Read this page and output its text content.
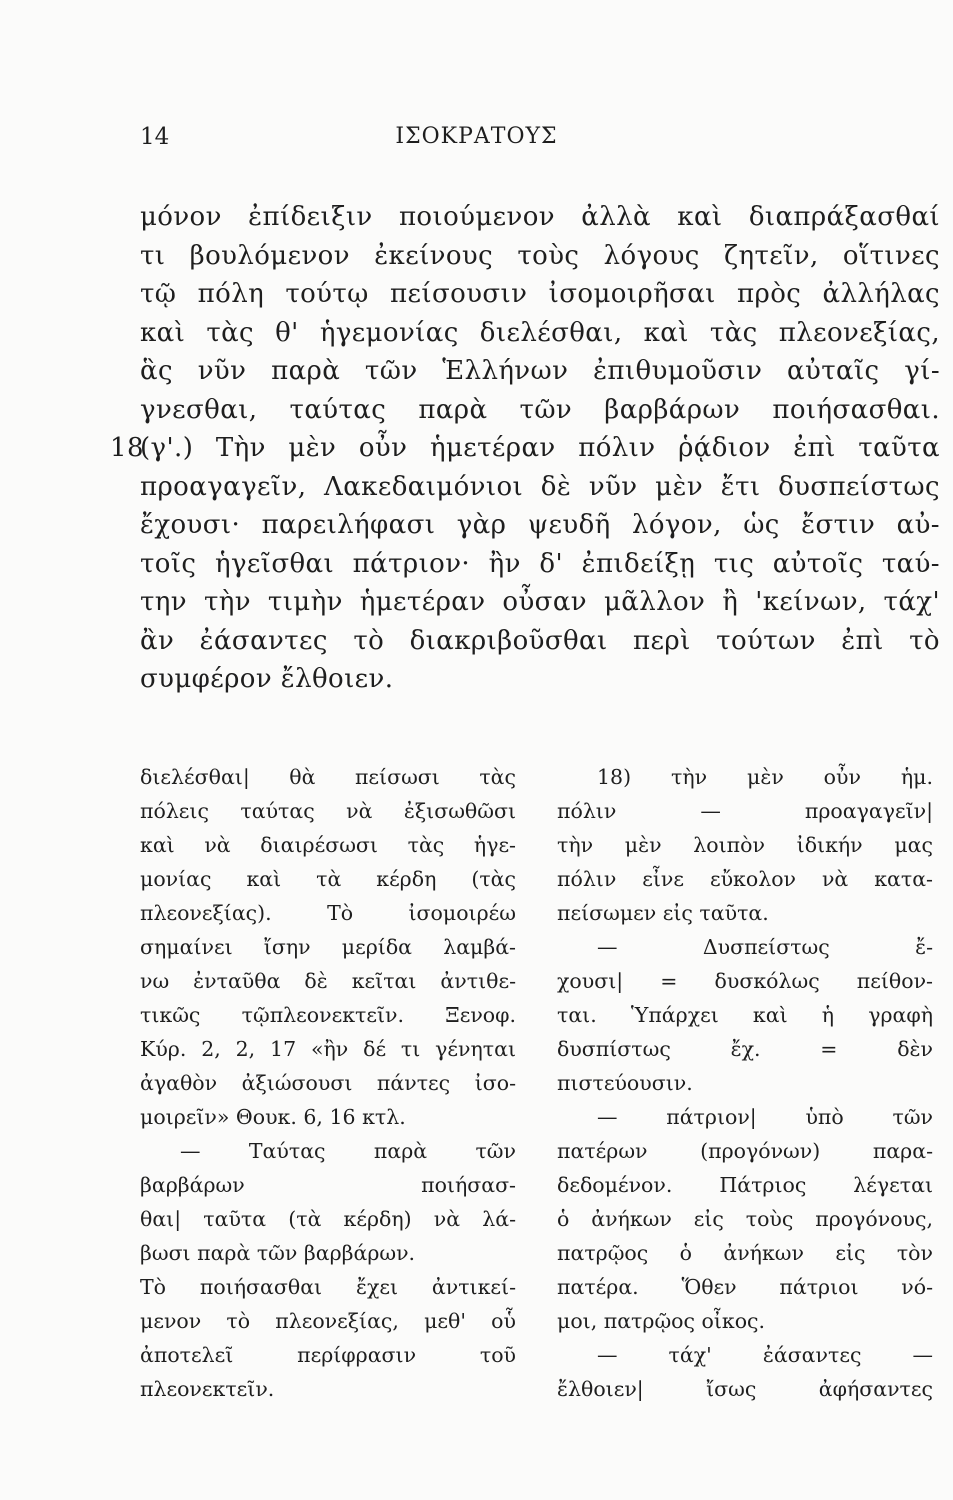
14	ΙΣΟΚΡΑΤΟΥΣ
μόνον ἐπίδειξιν ποιούμενον ἀλλὰ καὶ διαπράξασθαί
τι βουλόμενον ἐκείνους τοὺς λόγους ζητεῖν, οἵτινες
τῷ πόλη τούτῳ πείσουσιν ἰσομοιρῆσαι πρὸς ἀλλήλας
καὶ τὰς θ' ἡγεμονίας διελέσθαι, καὶ τὰς πλεονεξίας,
ἃς νῦν παρὰ τῶν Ἑλλήνων ἐπιθυμοῦσιν αὐταῖς γί-
γνεσθαι, ταύτας παρὰ τῶν βαρβάρων ποιήσασθαι.
18
(γ'.) Τὴν μὲν οὖν ἡμετέραν πόλιν ῥᾴδιον ἐπὶ ταῦτα
προαγαγεῖν, Λακεδαιμόνιοι δὲ νῦν μὲν ἔτι δυσπείστως
ἔχουσι· παρειλήφασι γὰρ ψευδῆ λόγον, ὡς ἔστιν αὐ-
τοῖς ἡγεῖσθαι πάτριον· ἢν δ' ἐπιδείξῃ τις αὐτοῖς ταύ-
την τὴν τιμὴν ἡμετέραν οὖσαν μᾶλλον ἢ 'κείνων, τάχ'
ἂν ἐάσαντες τὸ διακριβοῦσθαι περὶ τούτων ἐπὶ τὸ
συμφέρον ἔλθοιεν.
διελέσθαι| θὰ πείσωσι τὰς
πόλεις ταύτας νὰ ἐξισωθῶσι
καὶ νὰ διαιρέσωσι τὰς ἡγε-
μονίας καὶ τὰ κέρδη (τὰς
πλεονεξίας). Τὸ ἰσομοιρέω
σημαίνει ἴσην μερίδα λαμβά-
νω ἐνταῦθα δὲ κεῖται ἀντιθε-
τικῶς τῷπλεονεκτεῖν. Ξενοφ.
Κύρ. 2, 2, 17 «ἢν δέ τι γένηται
ἀγαθὸν ἀξιώσουσι πάντες ἰσο-
μοιρεῖν» Θουκ. 6, 16 κτλ.
— Ταύτας παρὰ τῶν
βαρβάρων ποιήσασ-
θαι| ταῦτα (τὰ κέρδη) νὰ λά-
βωσι παρὰ τῶν βαρβάρων.
Τὸ ποιήσασθαι ἔχει ἀντικεί-
μενον τὸ πλεονεξίας, μεθ' οὗ
ἀποτελεῖ περίφρασιν τοῦ
πλεονεκτεῖν.
18) τὴν μὲν οὖν ἡμ.
πόλιν — προαγαγεῖν|
τὴν μὲν λοιπὸν ἰδικήν μας
πόλιν εἶνε εὔκολον νὰ κατα-
πείσωμεν εἰς ταῦτα.
— Δυσπείστως ἔ-
χουσι| = δυσκόλως πείθον-
ται. Ὑπάρχει καὶ ἡ γραφὴ
δυσπίστως ἔχ. = δὲν
πιστεύουσιν.
— πάτριον| ὑπὸ τῶν
πατέρων (προγόνων) παρα-
δεδομένον. Πάτριος λέγεται
ὁ ἀνήκων εἰς τοὺς προγόνους,
πατρῷος ὁ ἀνήκων εἰς τὸν
πατέρα. Ὅθεν πάτριοι νό-
μοι, πατρῷος οἶκος.
— τάχ' ἐάσαντες —
ἔλθοιεν| ἴσως ἀφήσαντες
